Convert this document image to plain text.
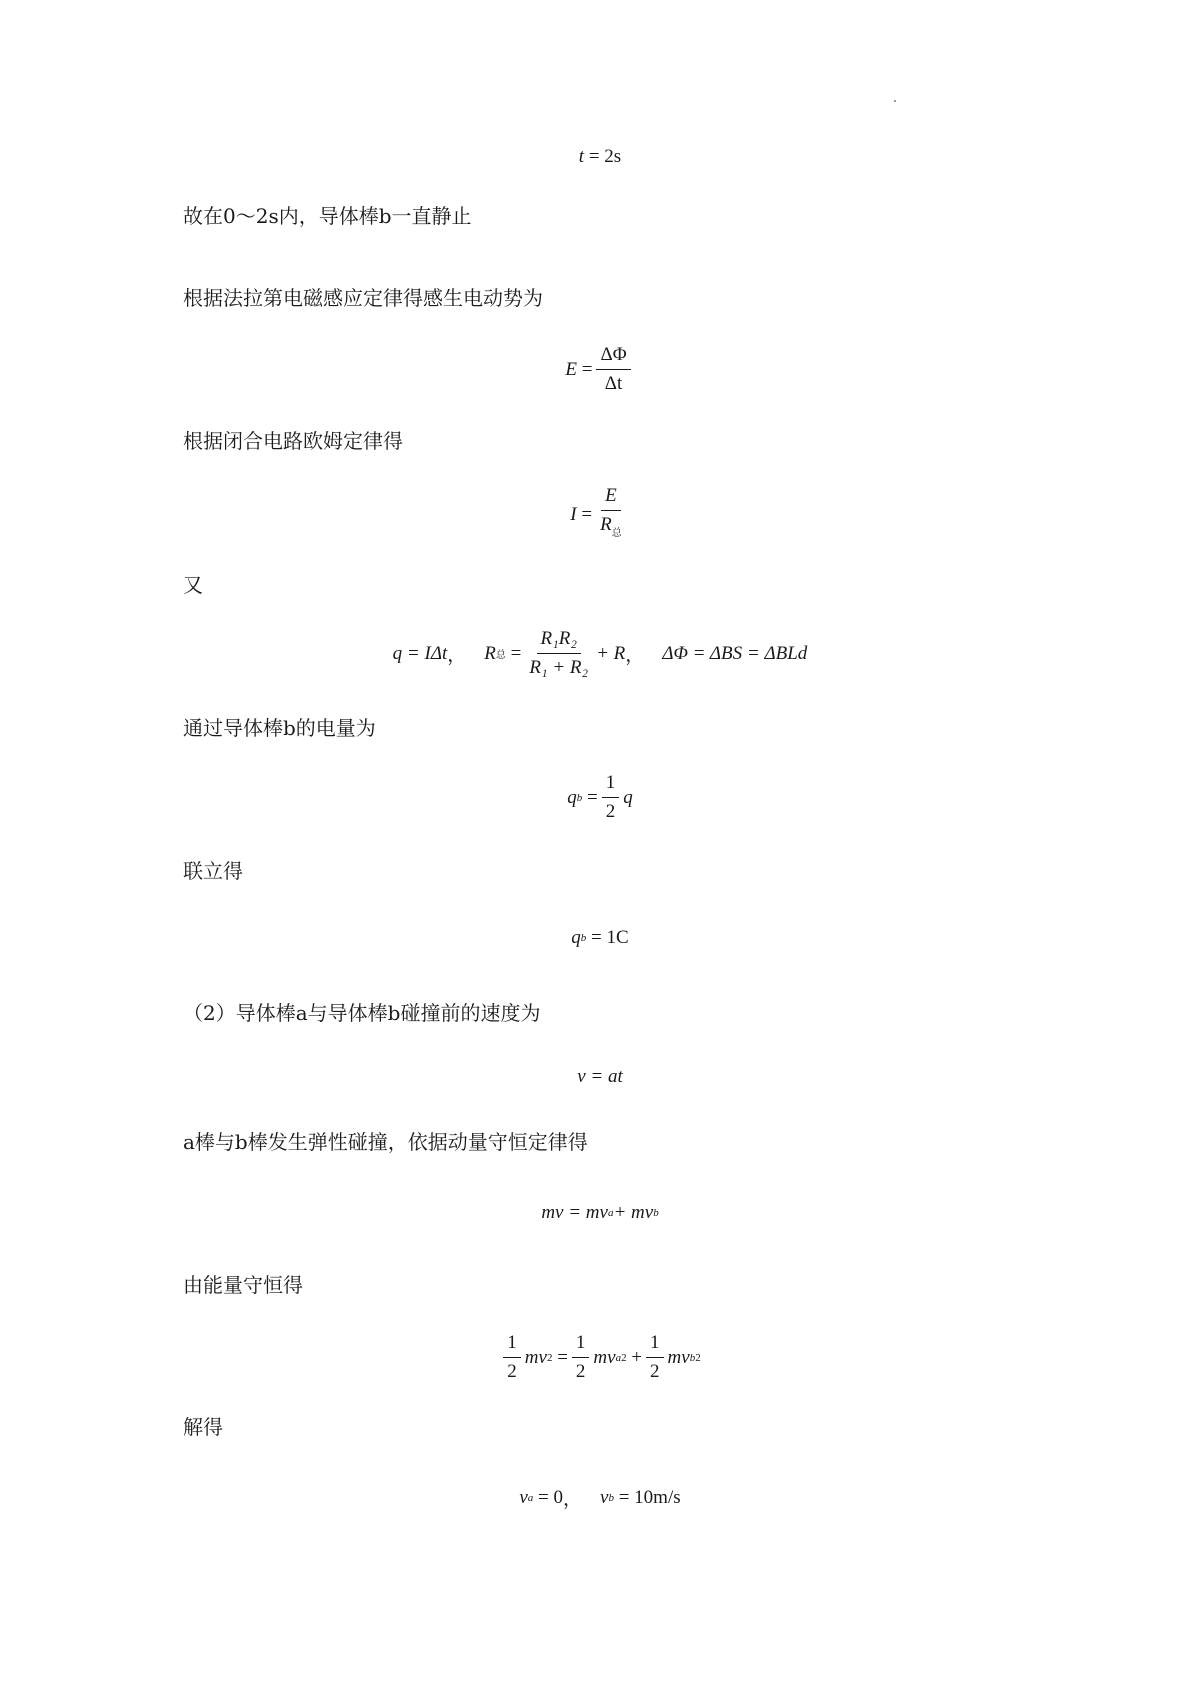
t
=
2s
故在0～2s内，导体棒b一直静止
根据法拉第电磁感应定律得感生电动势为
E
= $\frac{\Delta\Phi}{\Delta t}$
根据闭合电路欧姆定律得
I
= $\frac{E}{R_总}$
又
q = IΔt ， R 总
= $\frac{\text{R₁R₂}}{\text{R₁ + R₂}} + R$ ， ΔΦ = ΔBS = ΔBLd
通过导体棒b的电量为
q b
= $\frac{1}{2}$ q
联立得
q b
=
1C
（2）导体棒a与导体棒b碰撞前的速度为
v = at
a棒与b棒发生弹性碰撞，依据动量守恒定律得
mv = mv a + mv b
由能量守恒得
$\frac{1}{2}$ mv 2
= $\frac{1}{2}$ mv a 2
+ $\frac{1}{2}$ mv b 2
解得
v a
= 0 ， v b
= 10m/s
